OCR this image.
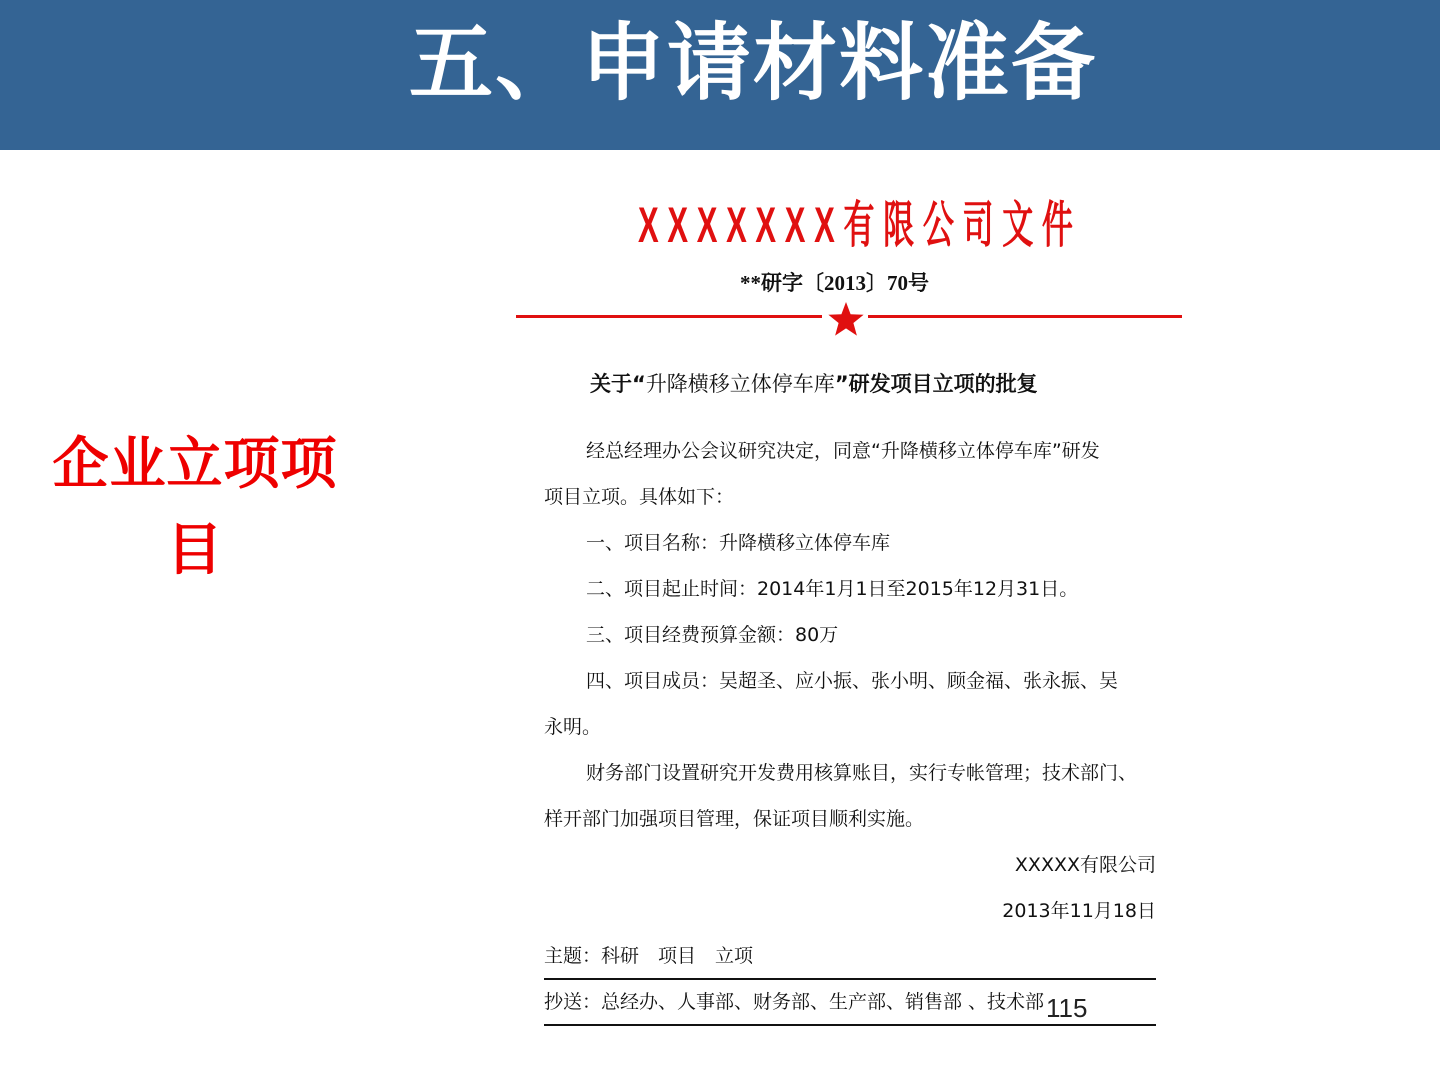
五、申请材料准备
企业立项项目
XXXXXXX有限公司文件
**研字〔2013〕70号
关于“升降横移立体停车库”研发项目立项的批复

经总经理办公会议研究决定，同意“升降横移立体停车库”研发

项目立项。具体如下：

一、项目名称：升降横移立体停车库

二、项目起止时间：2014年1月1日至2015年12月31日。

三、项目经费预算金额：80万

四、项目成员：吴超圣、应小振、张小明、顾金福、张永振、吴

永明。

财务部门设置研究开发费用核算账目，实行专帐管理；技术部门、

样开部门加强项目管理，保证项目顺利实施。

XXXXX有限公司

2013年11月18日

主题：科研　项目　立项

抄送：总经办、人事部、财务部、生产部、销售部 、技术部 115
